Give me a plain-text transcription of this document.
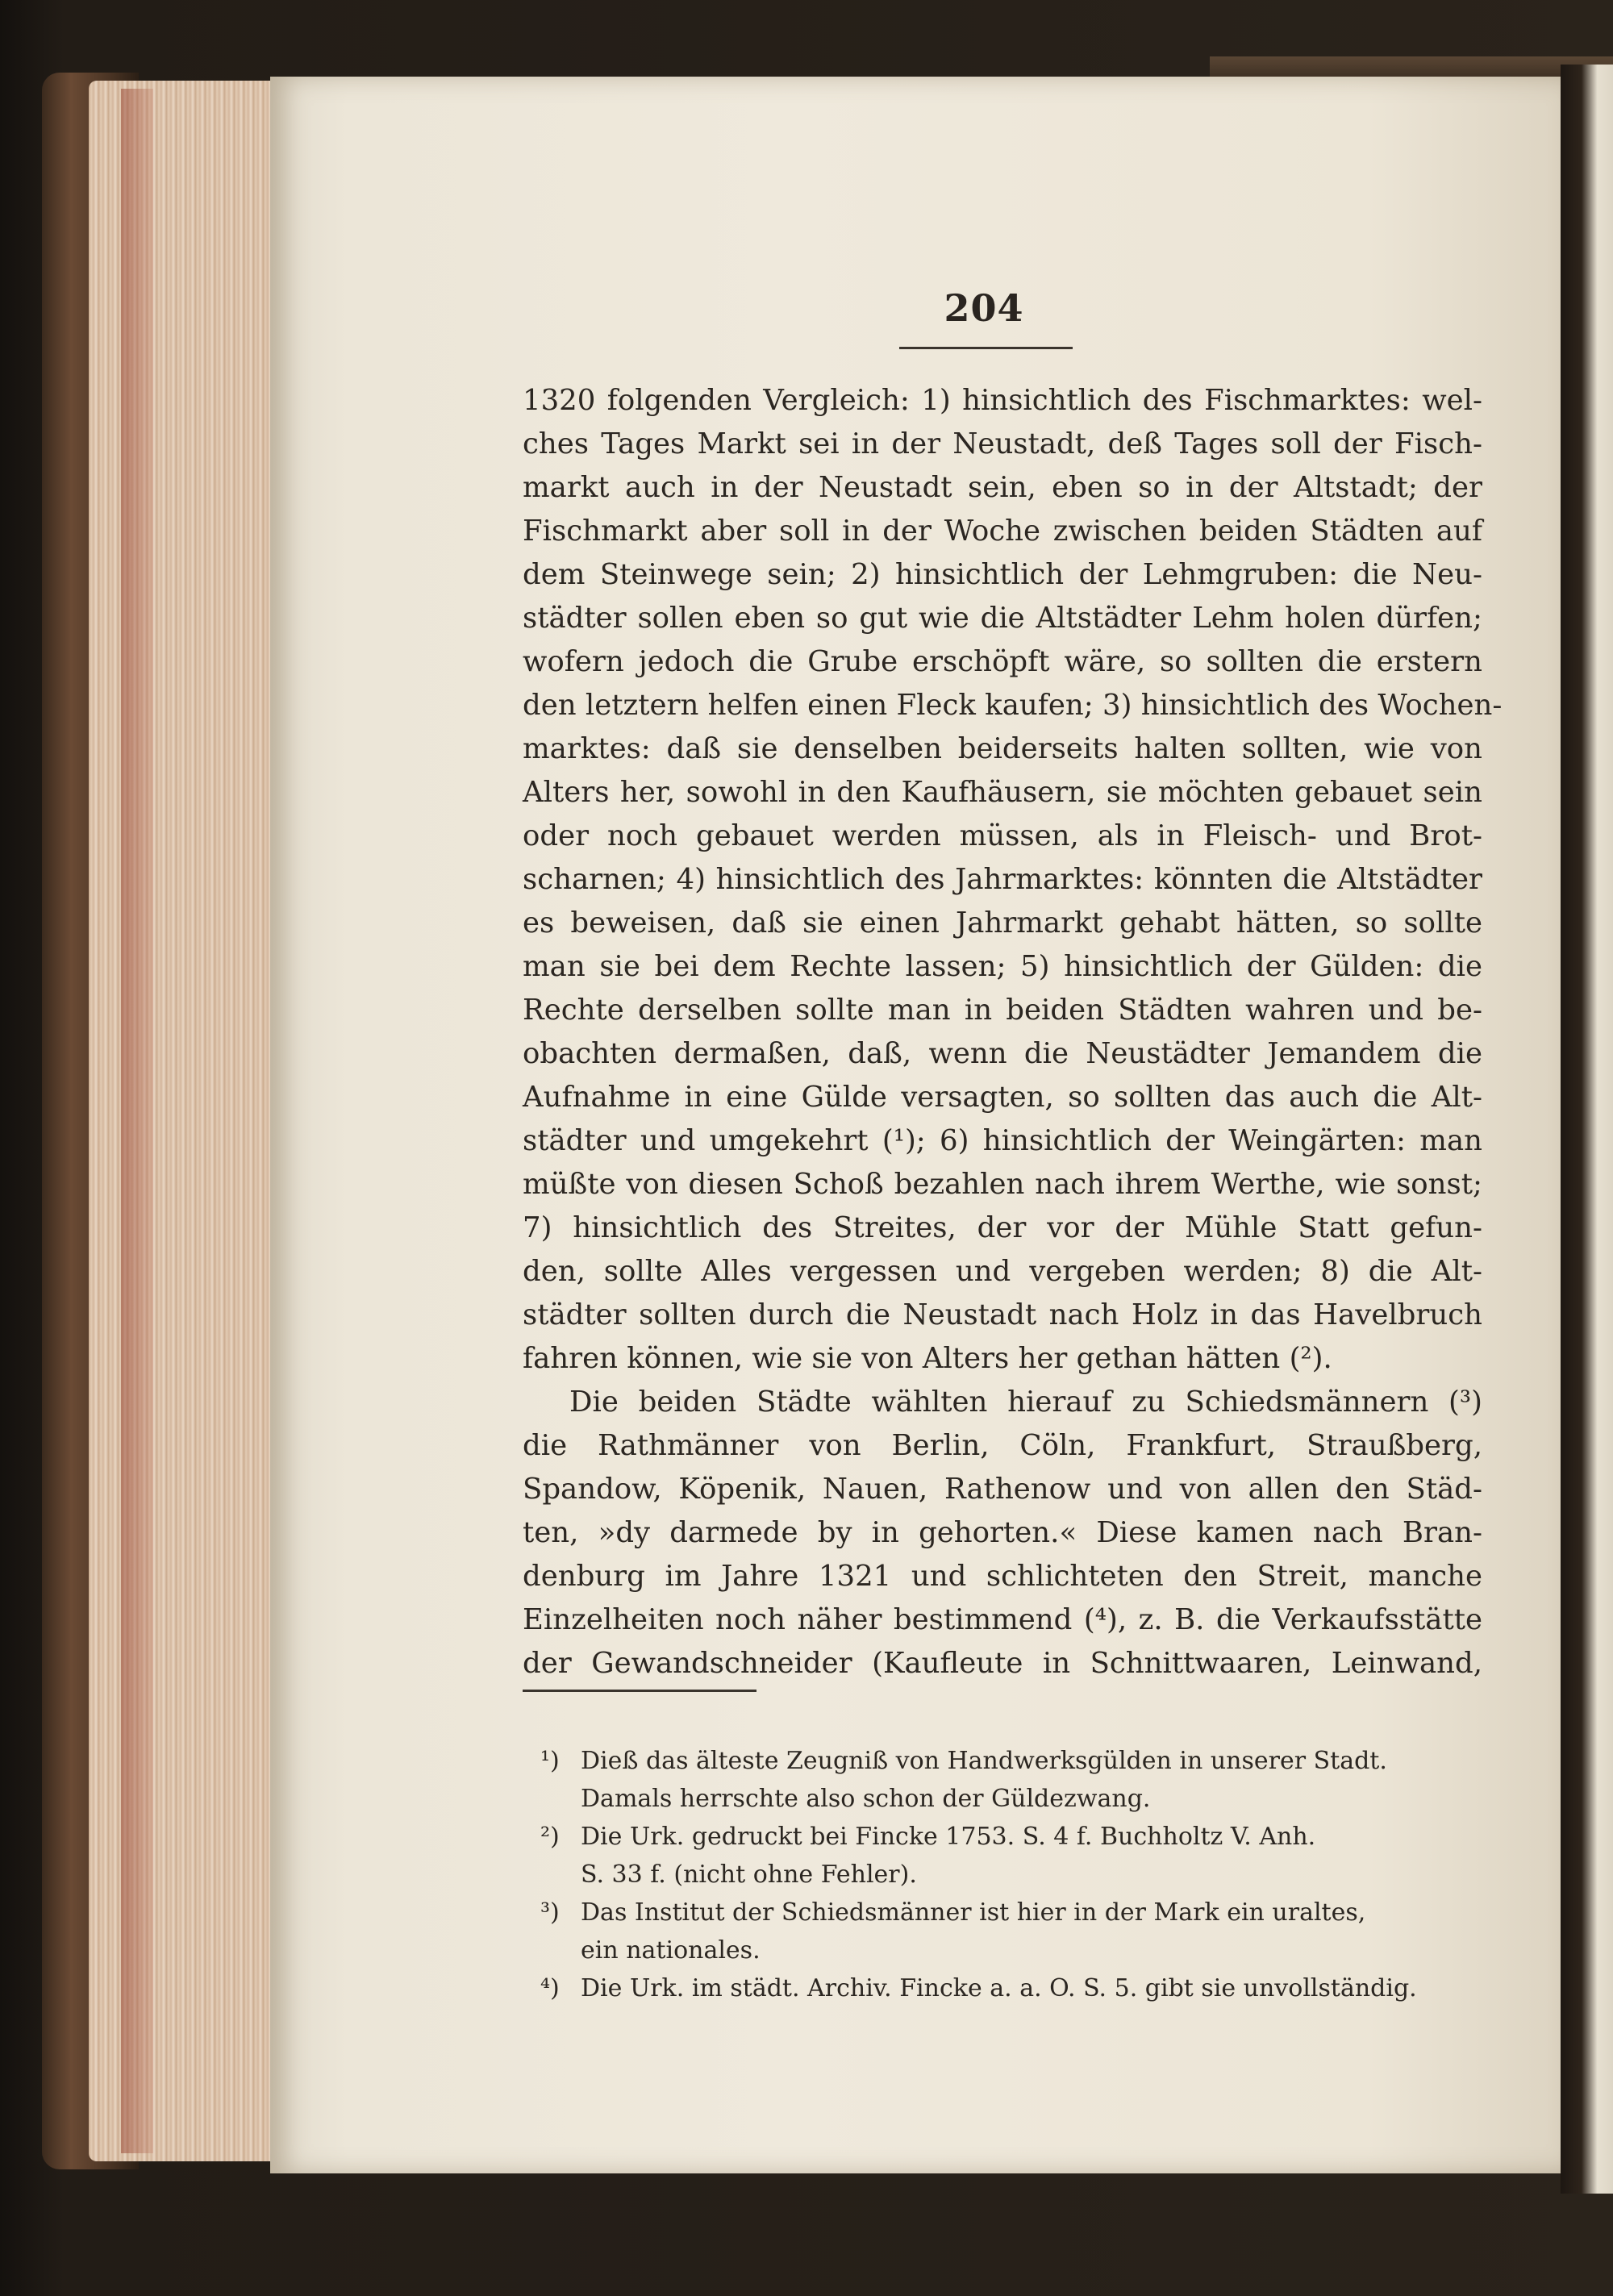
204
1320 folgenden Vergleich: 1) hinsichtlich des Fischmarktes: wel-
ches Tages Markt sei in der Neustadt, deß Tages soll der Fisch-
markt auch in der Neustadt sein, eben so in der Altstadt; der
Fischmarkt aber soll in der Woche zwischen beiden Städten auf
dem Steinwege sein; 2) hinsichtlich der Lehmgruben: die Neu-
städter sollen eben so gut wie die Altstädter Lehm holen dürfen;
wofern jedoch die Grube erschöpft wäre, so sollten die erstern
den letztern helfen einen Fleck kaufen; 3) hinsichtlich des Wochen-
marktes: daß sie denselben beiderseits halten sollten, wie von
Alters her, sowohl in den Kaufhäusern, sie möchten gebauet sein
oder noch gebauet werden müssen, als in Fleisch- und Brot-
scharnen; 4) hinsichtlich des Jahrmarktes: könnten die Altstädter
es beweisen, daß sie einen Jahrmarkt gehabt hätten, so sollte
man sie bei dem Rechte lassen; 5) hinsichtlich der Gülden: die
Rechte derselben sollte man in beiden Städten wahren und be-
obachten dermaßen, daß, wenn die Neustädter Jemandem die
Aufnahme in eine Gülde versagten, so sollten das auch die Alt-
städter und umgekehrt (¹); 6) hinsichtlich der Weingärten: man
müßte von diesen Schoß bezahlen nach ihrem Werthe, wie sonst;
7) hinsichtlich des Streites, der vor der Mühle Statt gefun-
den, sollte Alles vergessen und vergeben werden; 8) die Alt-
städter sollten durch die Neustadt nach Holz in das Havelbruch
fahren können, wie sie von Alters her gethan hätten (²).
Die beiden Städte wählten hierauf zu Schiedsmännern (³)
die Rathmänner von Berlin, Cöln, Frankfurt, Straußberg,
Spandow, Köpenik, Nauen, Rathenow und von allen den Städ-
ten, »dy darmede by in gehorten.« Diese kamen nach Bran-
denburg im Jahre 1321 und schlichteten den Streit, manche
Einzelheiten noch näher bestimmend (⁴), z. B. die Verkaufsstätte
der Gewandschneider (Kaufleute in Schnittwaaren, Leinwand,
¹) Dieß das älteste Zeugniß von Handwerksgülden in unserer Stadt.
Damals herrschte also schon der Güldezwang.
²) Die Urk. gedruckt bei Fincke 1753. S. 4 f. Buchholtz V. Anh.
S. 33 f. (nicht ohne Fehler).
³) Das Institut der Schiedsmänner ist hier in der Mark ein uraltes,
ein nationales.
⁴) Die Urk. im städt. Archiv. Fincke a. a. O. S. 5. gibt sie unvollständig.
